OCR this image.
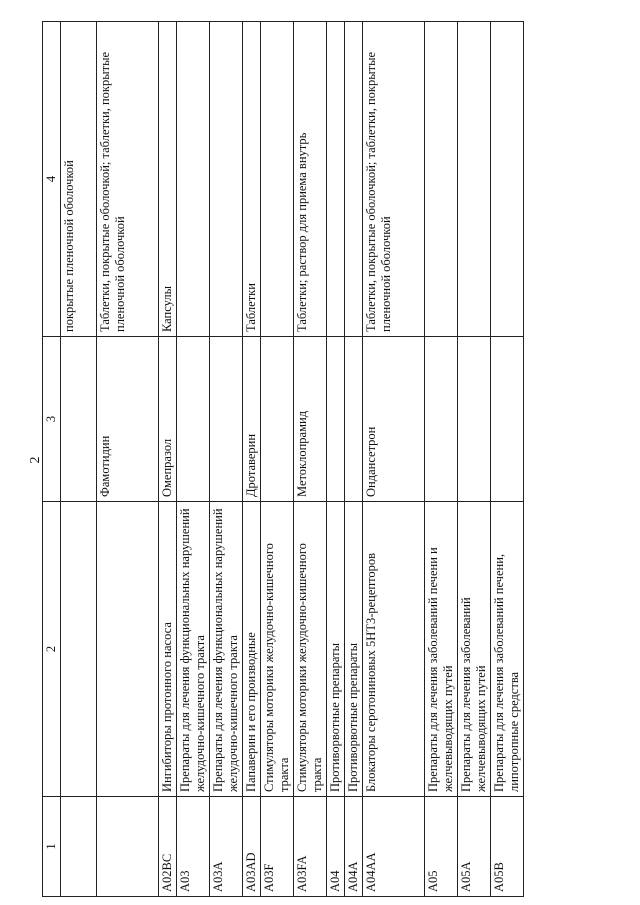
2
1	2	3	4
			покрытые пленочной оболочкой
		Фамотидин	Таблетки, покрытые оболочкой; таблетки, покрытые пленочной оболочкой
A02BC	Ингибиторы протонного насоса	Омепразол	Капсулы
A03	Препараты для лечения функциональных нарушений желудочно-кишечного тракта		
A03A	Препараты для лечения функциональных нарушений желудочно-кишечного тракта		
A03AD	Папаверин и его производные	Дротаверин	Таблетки
A03F	Стимуляторы моторики желудочно-кишечного тракта		
A03FA	Стимуляторы моторики желудочно-кишечного тракта	Метоклопрамид	Таблетки; раствор для приема внутрь
A04	Противорвотные препараты		
A04A	Противорвотные препараты		
A04AA	Блокаторы серотониновых 5HT3-рецепторов	Ондансетрон	Таблетки, покрытые оболочкой; таблетки, покрытые пленочной оболочкой
A05	Препараты для лечения заболеваний печени и желчевыводящих путей		
A05A	Препараты для лечения заболеваний желчевыводящих путей		
A05B	Препараты для лечения заболеваний печени, липотропные средства		
